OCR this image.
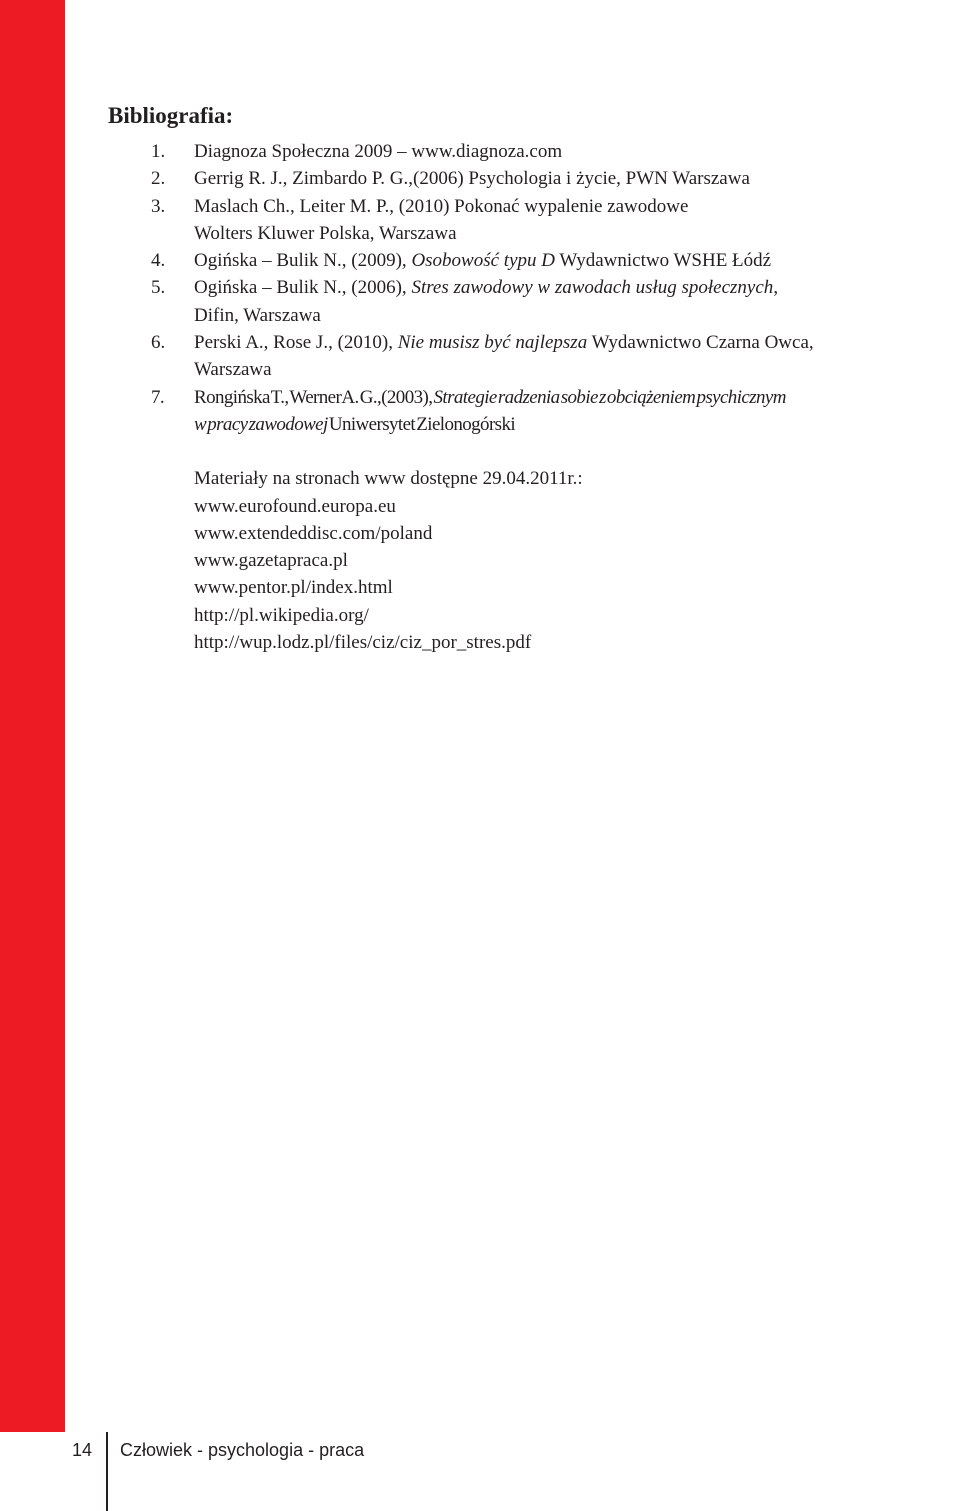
Bibliografia:
1. Diagnoza Społeczna 2009 – www.diagnoza.com
2. Gerrig R. J., Zimbardo P. G.,(2006) Psychologia i życie, PWN Warszawa
3. Maslach Ch., Leiter M. P., (2010) Pokonać wypalenie zawodowe
Wolters Kluwer Polska, Warszawa
4. Ogińska – Bulik N., (2009), Osobowość typu D Wydawnictwo WSHE Łódź
5. Ogińska – Bulik N., (2006), Stres zawodowy w zawodach usług społecznych,
Difin, Warszawa
6. Perski A., Rose J., (2010), Nie musisz być najlepsza Wydawnictwo Czarna Owca,
Warszawa
7. Rongińska T., Werner A. G.,(2003), Strategie radzenia sobie z obciążeniem psychicznym
w pracy zawodowej Uniwersytet Zielonogórski
Materiały na stronach www dostępne 29.04.2011r.:
www.eurofound.europa.eu
www.extendeddisc.com/poland
www.gazetapraca.pl
www.pentor.pl/index.html
http://pl.wikipedia.org/
http://wup.lodz.pl/files/ciz/ciz_por_stres.pdf
14 Człowiek - psychologia - praca
